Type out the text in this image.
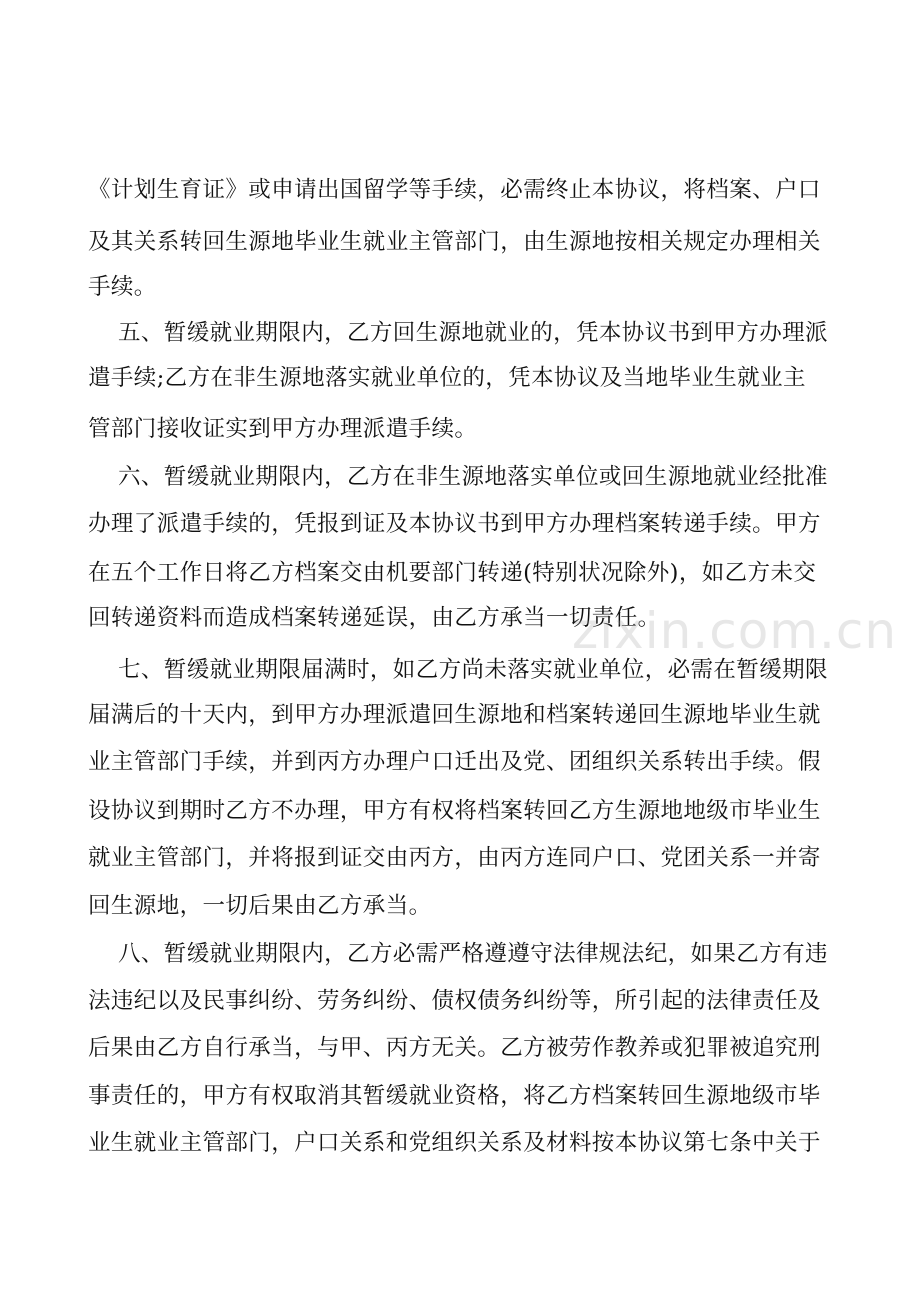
《计划生育证》或申请出国留学等手续，必需终止本协议，将档案、户口
及其关系转回生源地毕业生就业主管部门，由生源地按相关规定办理相关
手续。
五、暂缓就业期限内，乙方回生源地就业的，凭本协议书到甲方办理派
遣手续;乙方在非生源地落实就业单位的，凭本协议及当地毕业生就业主
管部门接收证实到甲方办理派遣手续。
六、暂缓就业期限内，乙方在非生源地落实单位或回生源地就业经批准
办理了派遣手续的，凭报到证及本协议书到甲方办理档案转递手续。甲方
在五个工作日将乙方档案交由机要部门转递(特别状况除外)，如乙方未交
回转递资料而造成档案转递延误，由乙方承当一切责任。
七、暂缓就业期限届满时，如乙方尚未落实就业单位，必需在暂缓期限
届满后的十天内，到甲方办理派遣回生源地和档案转递回生源地毕业生就
业主管部门手续，并到丙方办理户口迁出及党、团组织关系转出手续。假
设协议到期时乙方不办理，甲方有权将档案转回乙方生源地地级市毕业生
就业主管部门，并将报到证交由丙方，由丙方连同户口、党团关系一并寄
回生源地，一切后果由乙方承当。
八、暂缓就业期限内，乙方必需严格遵遵守法律规法纪，如果乙方有违
法违纪以及民事纠纷、劳务纠纷、债权债务纠纷等，所引起的法律责任及
后果由乙方自行承当，与甲、丙方无关。乙方被劳作教养或犯罪被追究刑
事责任的，甲方有权取消其暂缓就业资格，将乙方档案转回生源地级市毕
业生就业主管部门，户口关系和党组织关系及材料按本协议第七条中关于
zixin.com.cn
